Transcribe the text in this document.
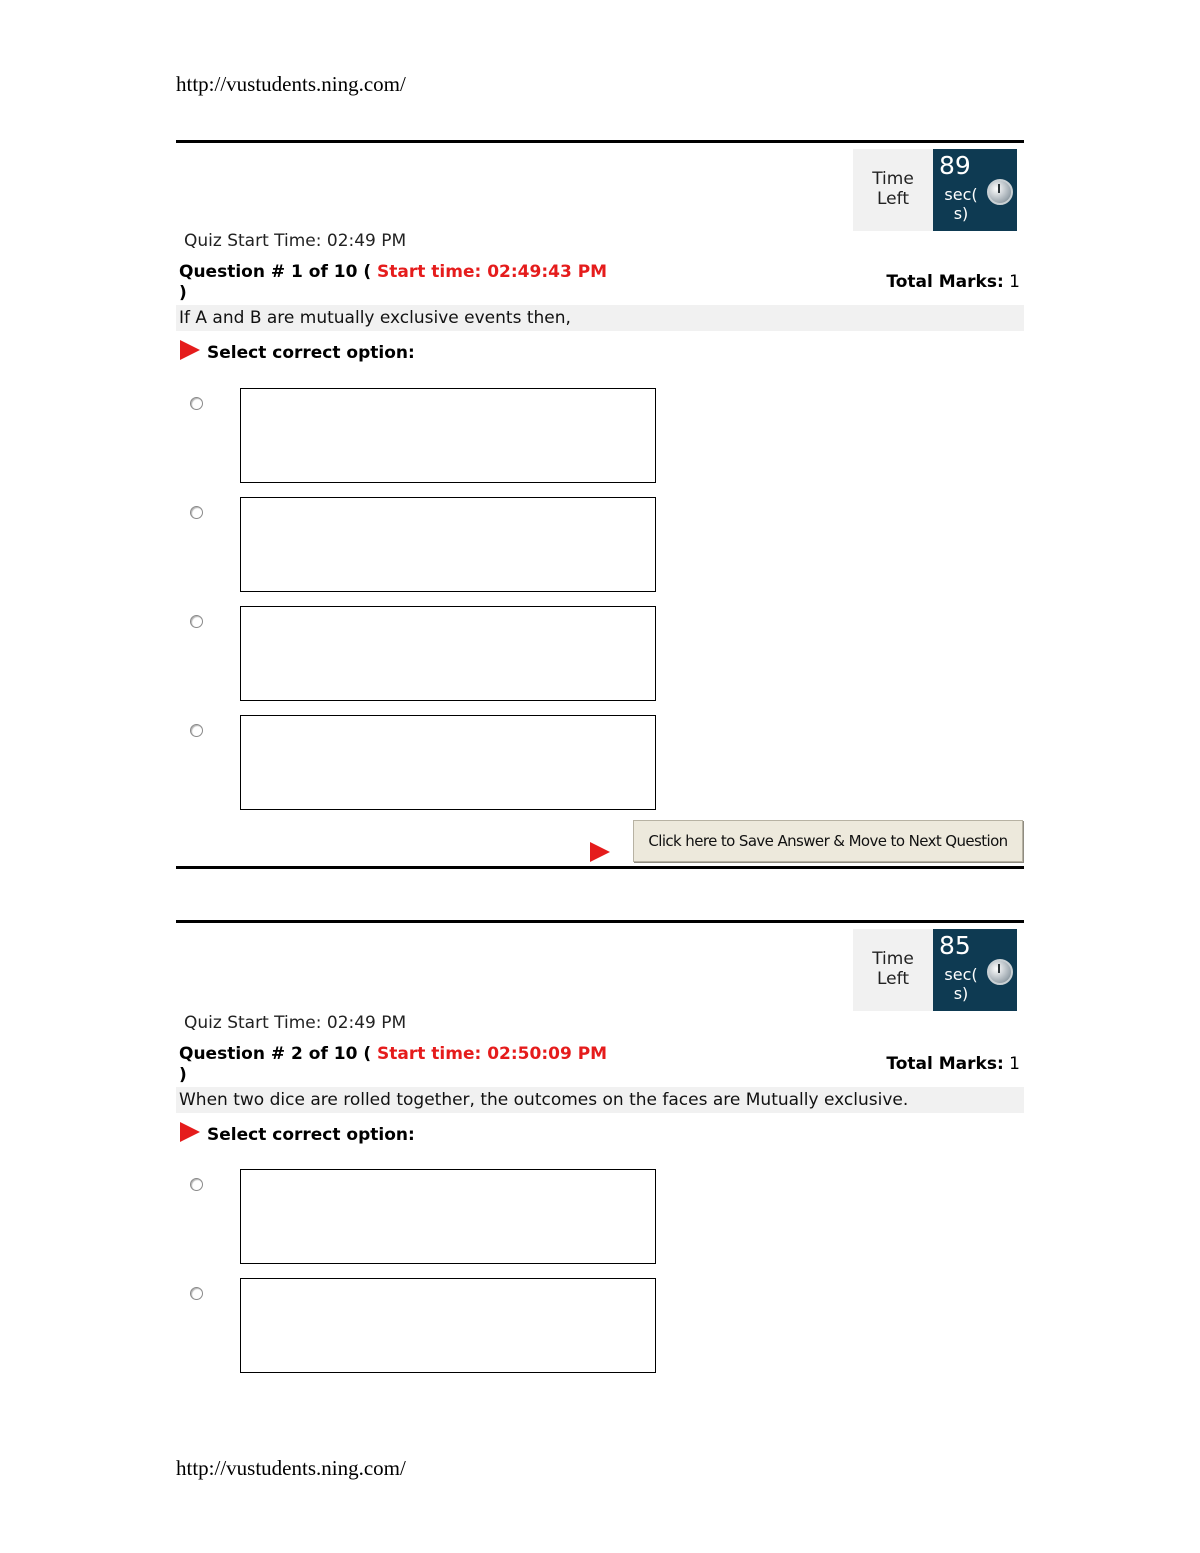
http://vustudents.ning.com/
Time
Left
89
sec(
s)
Quiz Start Time: 02:49 PM
Question # 1 of 10 ( Start time: 02:49:43 PM )
Total Marks: 1
If A and B are mutually exclusive events then,
Select correct option:
Click here to Save Answer & Move to Next Question
Time
Left
85
sec(
s)
Quiz Start Time: 02:49 PM
Question # 2 of 10 ( Start time: 02:50:09 PM )
Total Marks: 1
When two dice are rolled together, the outcomes on the faces are Mutually exclusive.
Select correct option:
http://vustudents.ning.com/
